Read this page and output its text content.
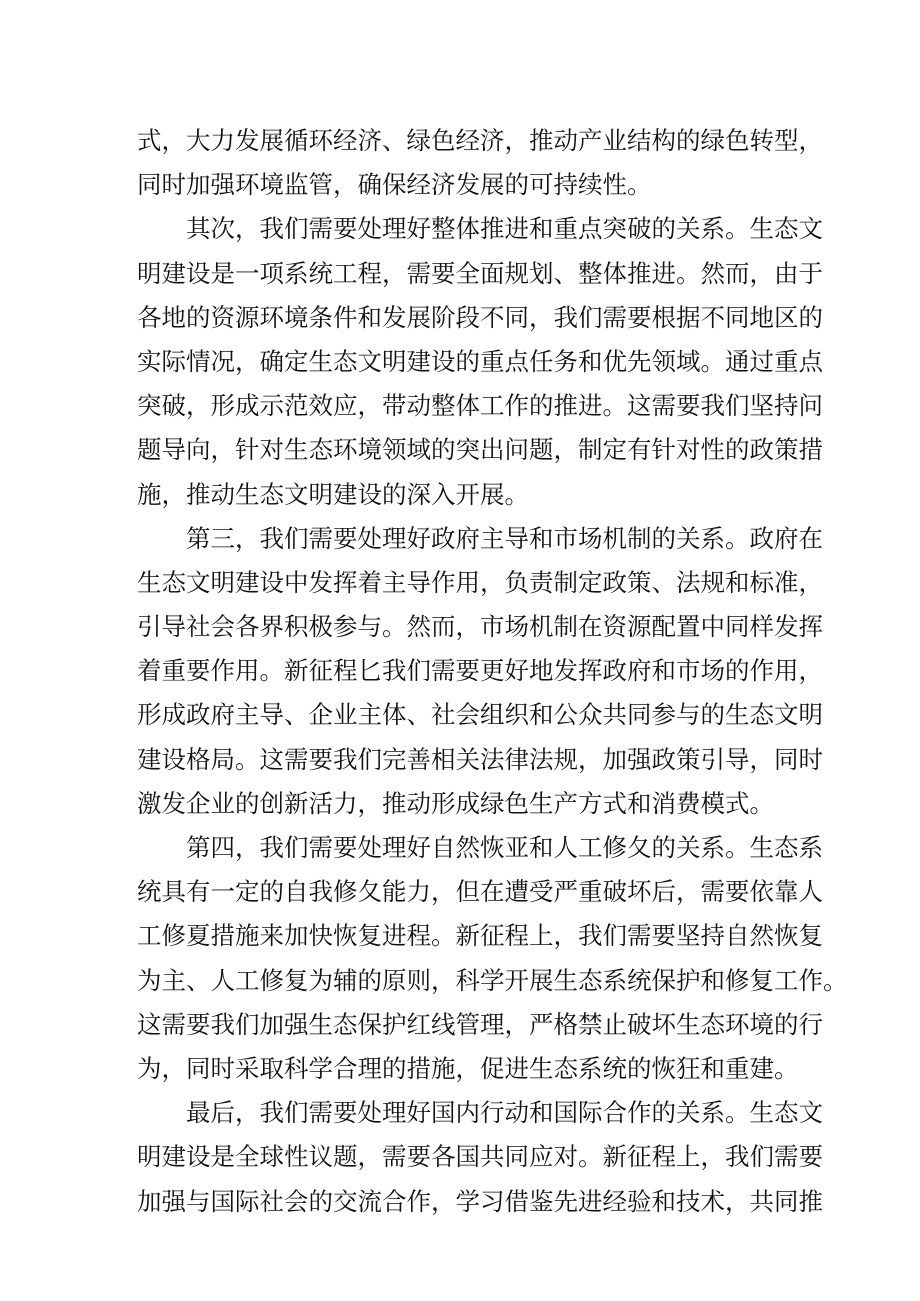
式，大力发展循环经济、绿色经济，推动产业结构的绿色转型，
同时加强环境监管，确保经济发展的可持续性。
其次，我们需要处理好整体推进和重点突破的关系。生态文
明建设是一项系统工程，需要全面规划、整体推进。然而，由于
各地的资源环境条件和发展阶段不同，我们需要根据不同地区的
实际情况，确定生态文明建设的重点任务和优先领域。通过重点
突破，形成示范效应，带动整体工作的推进。这需要我们坚持问
题导向，针对生态环境领域的突出问题，制定有针对性的政策措
施，推动生态文明建设的深入开展。
第三，我们需要处理好政府主导和市场机制的关系。政府在
生态文明建设中发挥着主导作用，负责制定政策、法规和标准，
引导社会各界积极参与。然而，市场机制在资源配置中同样发挥
着重要作用。新征程匕我们需要更好地发挥政府和市场的作用，
形成政府主导、企业主体、社会组织和公众共同参与的生态文明
建设格局。这需要我们完善相关法律法规，加强政策引导，同时
激发企业的创新活力，推动形成绿色生产方式和消费模式。
第四，我们需要处理好自然恢亚和人工修夂的关系。生态系
统具有一定的自我修夂能力，但在遭受严重破坏后，需要依靠人
工修夏措施来加快恢复进程。新征程上，我们需要坚持自然恢复
为主、人工修复为辅的原则，科学开展生态系统保护和修复工作。
这需要我们加强生态保护红线管理，严格禁止破坏生态环境的行
为，同时采取科学合理的措施，促进生态系统的恢狂和重建。
最后，我们需要处理好国内行动和国际合作的关系。生态文
明建设是全球性议题，需要各国共同应对。新征程上，我们需要
加强与国际社会的交流合作，学习借鉴先进经验和技术，共同推
